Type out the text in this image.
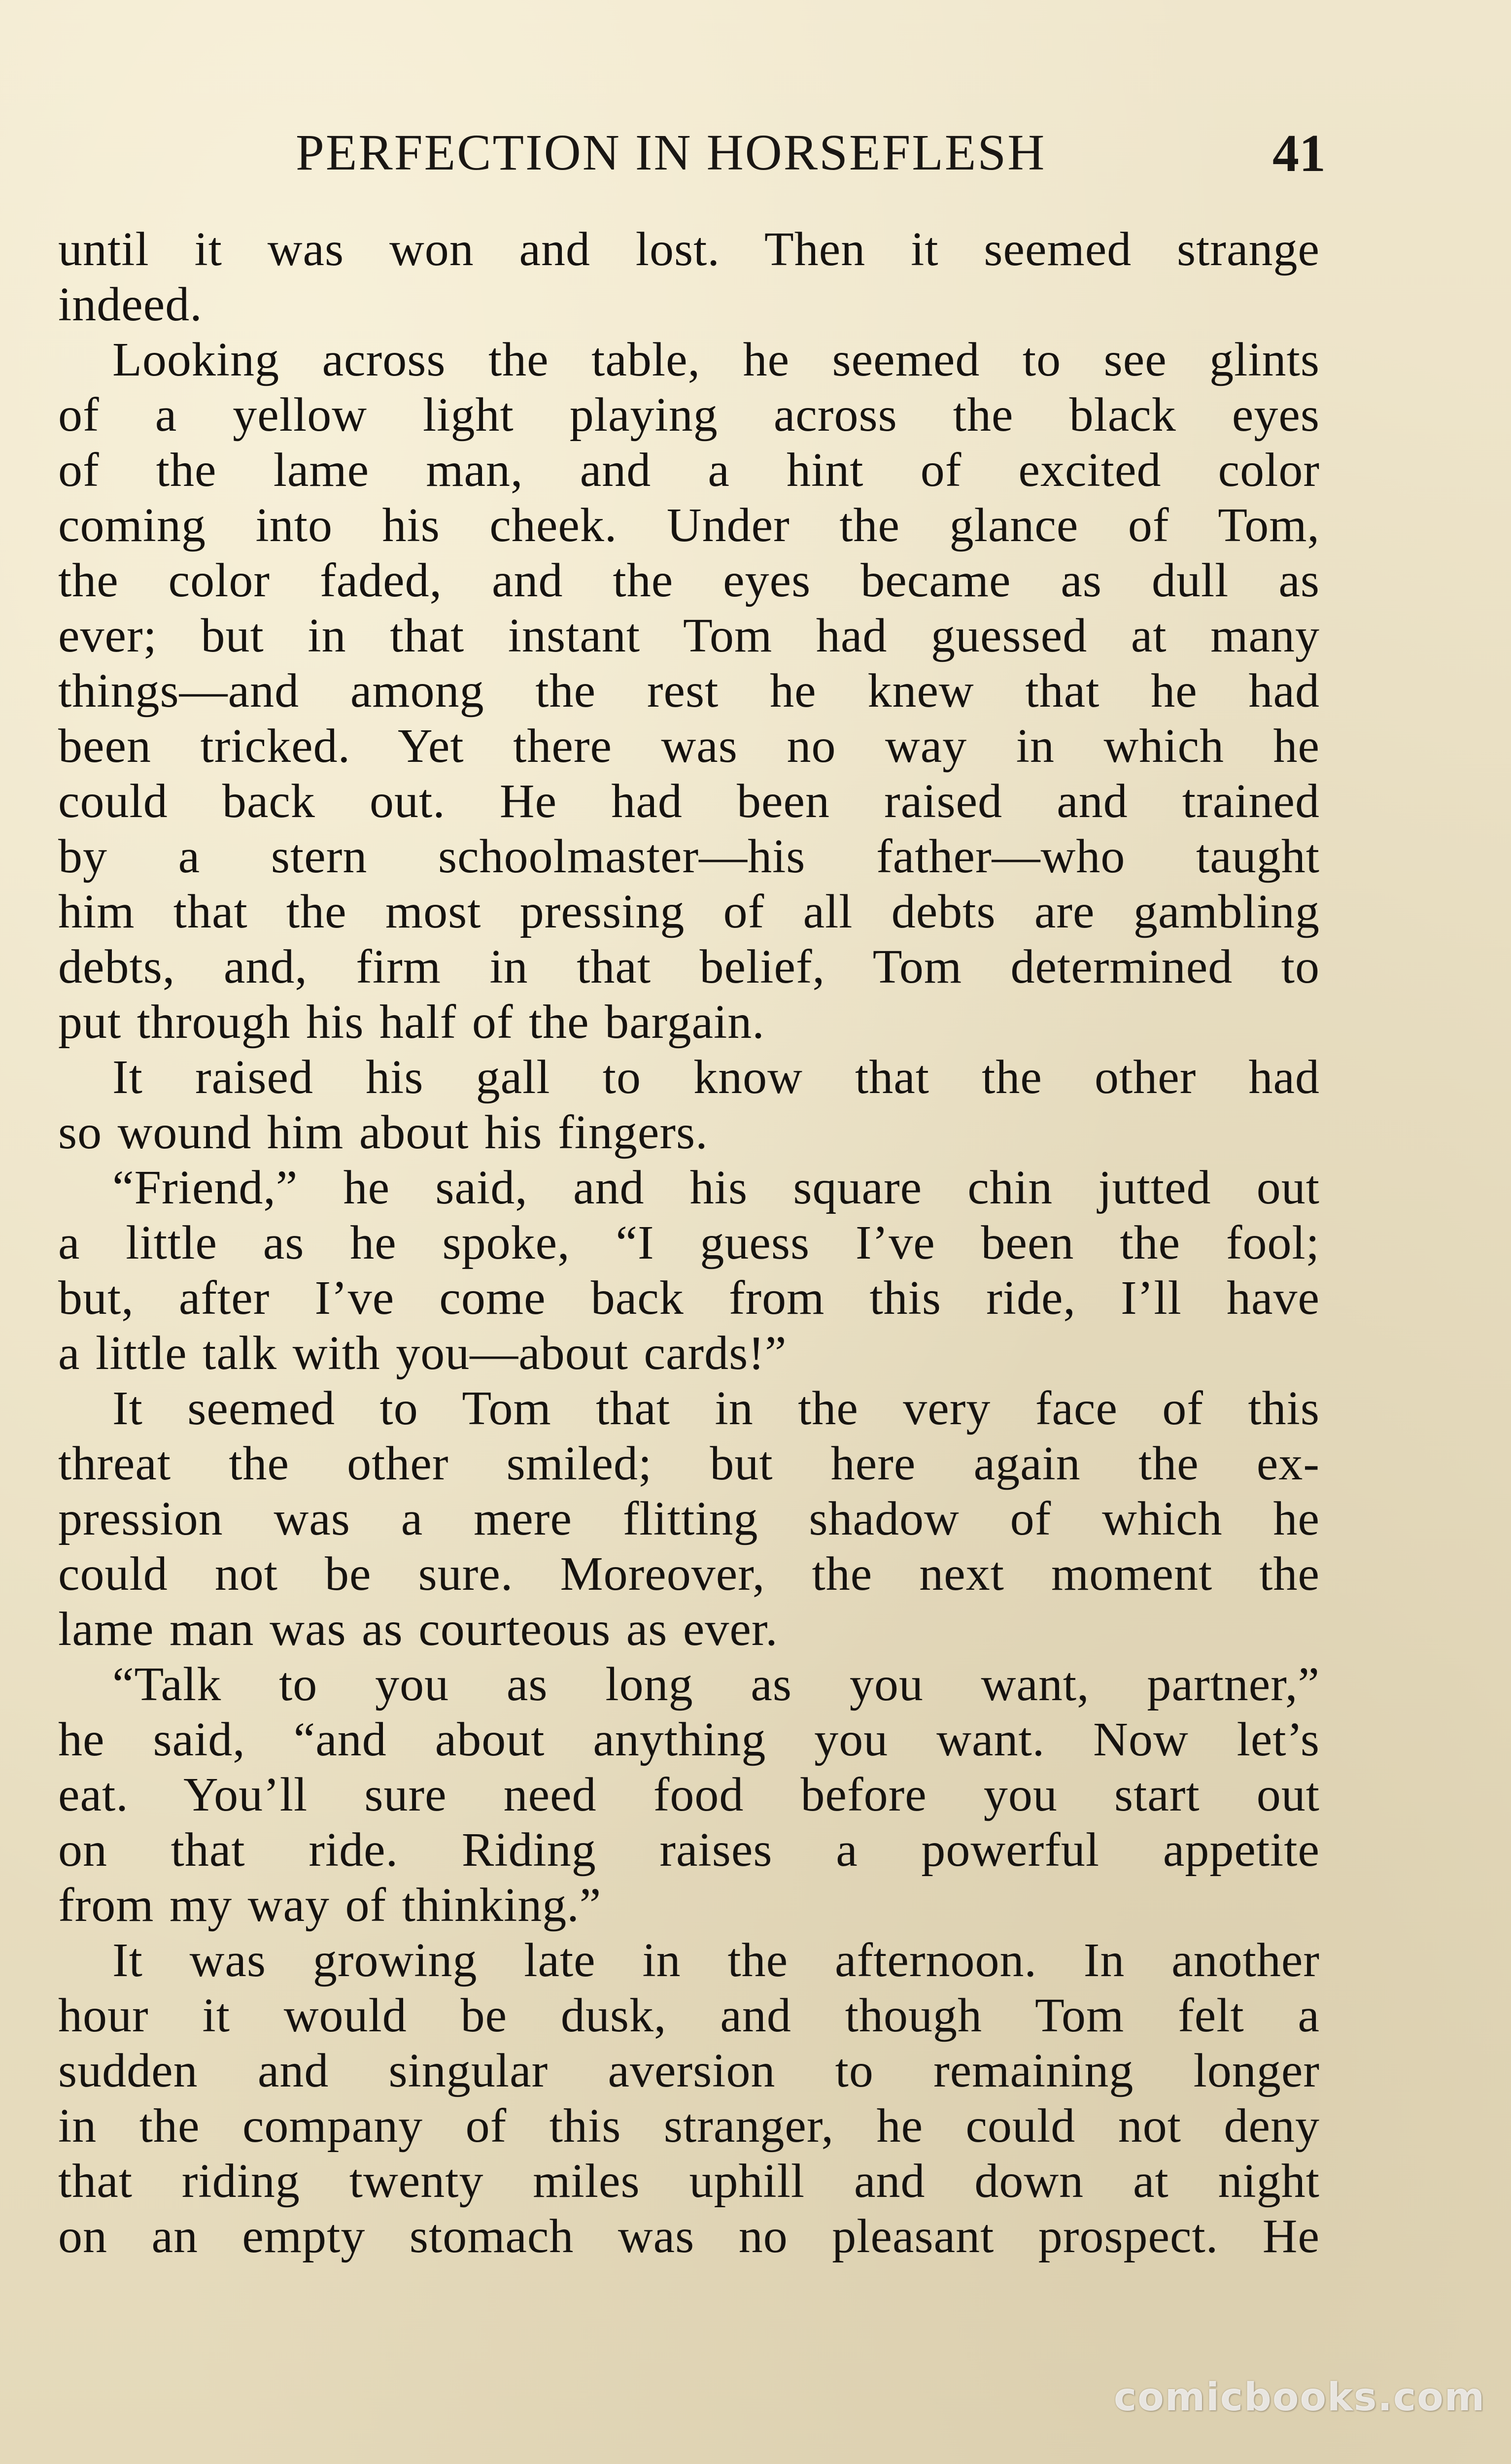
PERFECTION IN HORSEFLESH	41
until it was won and lost. Then it seemed strange
indeed.
Looking across the table, he seemed to see glints
of a yellow light playing across the black eyes
of the lame man, and a hint of excited color
coming into his cheek. Under the glance of Tom,
the color faded, and the eyes became as dull as
ever; but in that instant Tom had guessed at many
things—and among the rest he knew that he had
been tricked. Yet there was no way in which he
could back out. He had been raised and trained
by a stern schoolmaster—his father—who taught
him that the most pressing of all debts are gambling
debts, and, firm in that belief, Tom determined to
put through his half of the bargain.
It raised his gall to know that the other had
so wound him about his fingers.
“Friend,” he said, and his square chin jutted out
a little as he spoke, “I guess I’ve been the fool;
but, after I’ve come back from this ride, I’ll have
a little talk with you—about cards!”
It seemed to Tom that in the very face of this
threat the other smiled; but here again the ex-
pression was a mere flitting shadow of which he
could not be sure. Moreover, the next moment the
lame man was as courteous as ever.
“Talk to you as long as you want, partner,”
he said, “and about anything you want. Now let’s
eat. You’ll sure need food before you start out
on that ride. Riding raises a powerful appetite
from my way of thinking.”
It was growing late in the afternoon. In another
hour it would be dusk, and though Tom felt a
sudden and singular aversion to remaining longer
in the company of this stranger, he could not deny
that riding twenty miles uphill and down at night
on an empty stomach was no pleasant prospect. He
comicbooks.com
